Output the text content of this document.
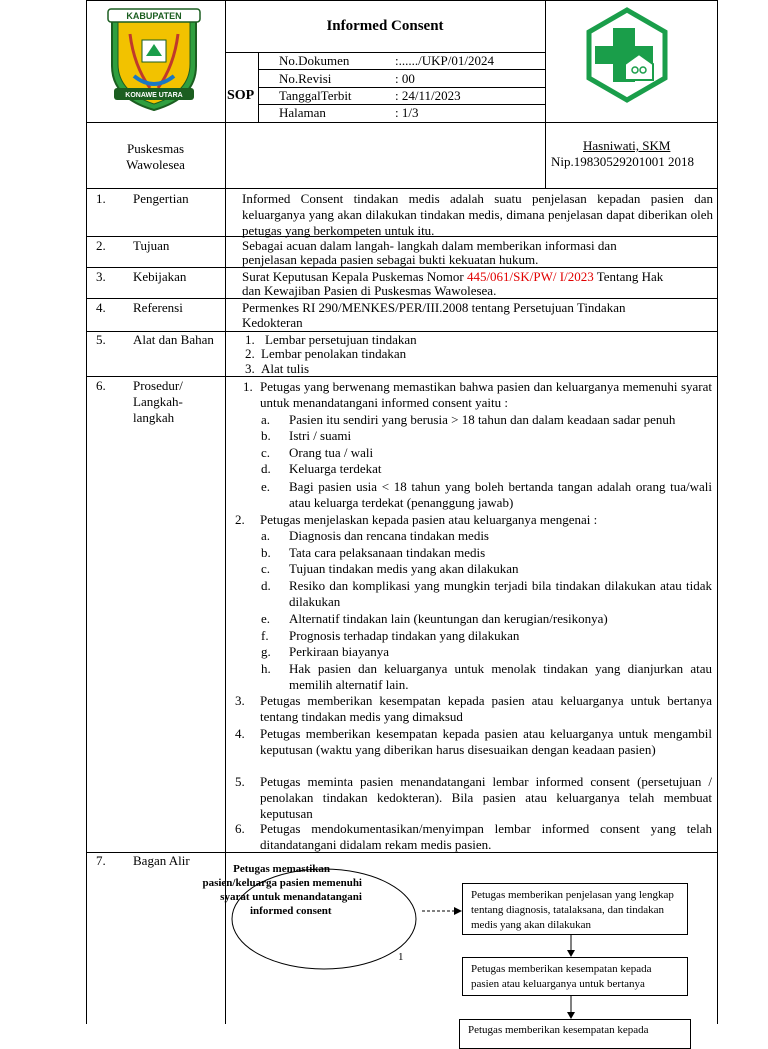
KABUPATEN
KONAWE UTARA
Informed Consent
SOP
No.Dokumen	:....../UKP/01/2024
No.Revisi	: 00
TanggalTerbit	: 24/11/2023
Halaman	: 1/3
Puskesmas
Wawolesea
Hasniwati, SKM
Nip.19830529201001 2018
1. Pengertian	Informed Consent tindakan medis adalah suatu penjelasan kepadan pasien dan keluarganya yang akan dilakukan tindakan medis, dimana penjelasan dapat diberikan oleh petugas yang berkompeten untuk itu.
2. Tujuan	Sebagai acuan dalam langah- langkah dalam memberikan informasi dan
penjelasan kepada pasien sebagai bukti kekuatan hukum.
3. Kebijakan	Surat Keputusan Kepala Puskemas Nomor 445/061/SK/PW/ I/2023 Tentang Hak
dan Kewajiban Pasien di Puskesmas Wawolesea.
4. Referensi	Permenkes RI 290/MENKES/PER/III.2008 tentang Persetujuan Tindakan
Kedokteran
5. Alat dan Bahan 1. Lembar persetujuan tindakan
2. Lembar penolakan tindakan
3. Alat tulis
6. Prosedur/
Langkah-
langkah
1. Petugas yang berwenang memastikan bahwa pasien dan keluarganya memenuhi syarat untuk menandatangani informed consent yaitu :
a. Pasien itu sendiri yang berusia > 18 tahun dan dalam keadaan sadar penuh
b. Istri / suami
c. Orang tua / wali
d. Keluarga terdekat
e. Bagi pasien usia < 18 tahun yang boleh bertanda tangan adalah orang tua/wali atau keluarga terdekat (penanggung jawab)
2. Petugas menjelaskan kepada pasien atau keluarganya mengenai :
a. Diagnosis dan rencana tindakan medis
b. Tata cara pelaksanaan tindakan medis
c. Tujuan tindakan medis yang akan dilakukan
d. Resiko dan komplikasi yang mungkin terjadi bila tindakan dilakukan atau tidak dilakukan
e. Alternatif tindakan lain (keuntungan dan kerugian/resikonya)
f. Prognosis terhadap tindakan yang dilakukan
g. Perkiraan biayanya
h. Hak pasien dan keluarganya untuk menolak tindakan yang dianjurkan atau memilih alternatif lain.
3. Petugas memberikan kesempatan kepada pasien atau keluarganya untuk bertanya tentang tindakan medis yang dimaksud
4. Petugas memberikan kesempatan kepada pasien atau keluarganya untuk mengambil keputusan (waktu yang diberikan harus disesuaikan dengan keadaan pasien)
5. Petugas meminta pasien menandatangani lembar informed consent (persetujuan / penolakan tindakan kedokteran). Bila pasien atau keluarganya telah membuat keputusan
6. Petugas mendokumentasikan/menyimpan lembar informed consent yang telah ditandatangani didalam rekam medis pasien.
7. Bagan Alir
Petugas memastikan
pasien/keluarga pasien memenuhi
syarat untuk menandatangani
informed consent
1
Petugas memberikan penjelasan yang lengkap tentang diagnosis, tatalaksana, dan tindakan medis yang akan dilakukan
Petugas memberikan kesempatan kepada pasien atau keluarganya untuk bertanya
Petugas memberikan kesempatan kepada
